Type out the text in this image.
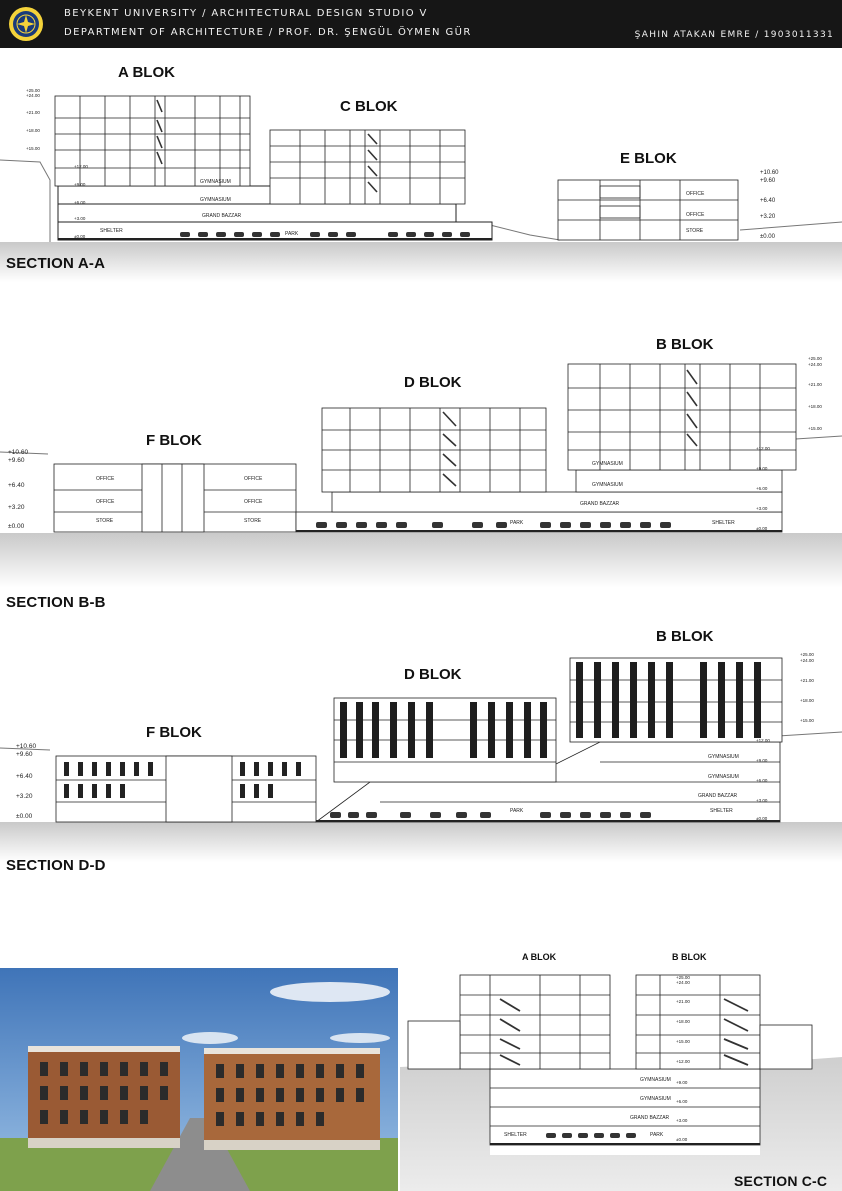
BEYKENT UNIVERSITY / ARCHITECTURAL DESIGN STUDIO V
DEPARTMENT OF ARCHITECTURE / PROF. DR. ŞENGÜL ÖYMEN GÜR	ŞAHIN ATAKAN EMRE / 1903011331
GYMNASIUM
GYMNASIUM
GRAND BAZZAR
SHELTER	PARK
OFFICE
OFFICE
STORE
+25.00
+24.00
+21.00
+18.00
+15.00
+12.00
+9.00
+6.00
+3.00
±0.00
+10.60
+9.60
+6.40
+3.20
±0.00
A BLOK
C BLOK
E BLOK
SECTION A-A
OFFICE	OFFICE
OFFICE	OFFICE
STORE	STORE
GYMNASIUM
GYMNASIUM
GRAND BAZZAR
PARK	SHELTER
+10.60
+9.60
+6.40
+3.20
±0.00
+25.00
+24.00
+21.00
+18.00
+15.00
+12.00
+9.00
+6.00
+3.00
±0.00
F BLOK
D BLOK
B BLOK
SECTION B-B
GYMNASIUM
GYMNASIUM
GRAND BAZZAR
SHELTER
PARK
+10.60
+9.60
+6.40
+3.20
±0.00
+25.00
+24.00
+21.00
+18.00
+15.00
+12.00
+9.00
+6.00
+3.00
±0.00
F BLOK
D BLOK
B BLOK
SECTION D-D
GYMNASIUM
GYMNASIUM
GRAND BAZZAR
SHELTER	PARK
+25.00
+24.00
+21.00
+18.00
+15.00
+12.00
+9.00
+6.00
+3.00
±0.00
A BLOK	B BLOK
SECTION C-C
